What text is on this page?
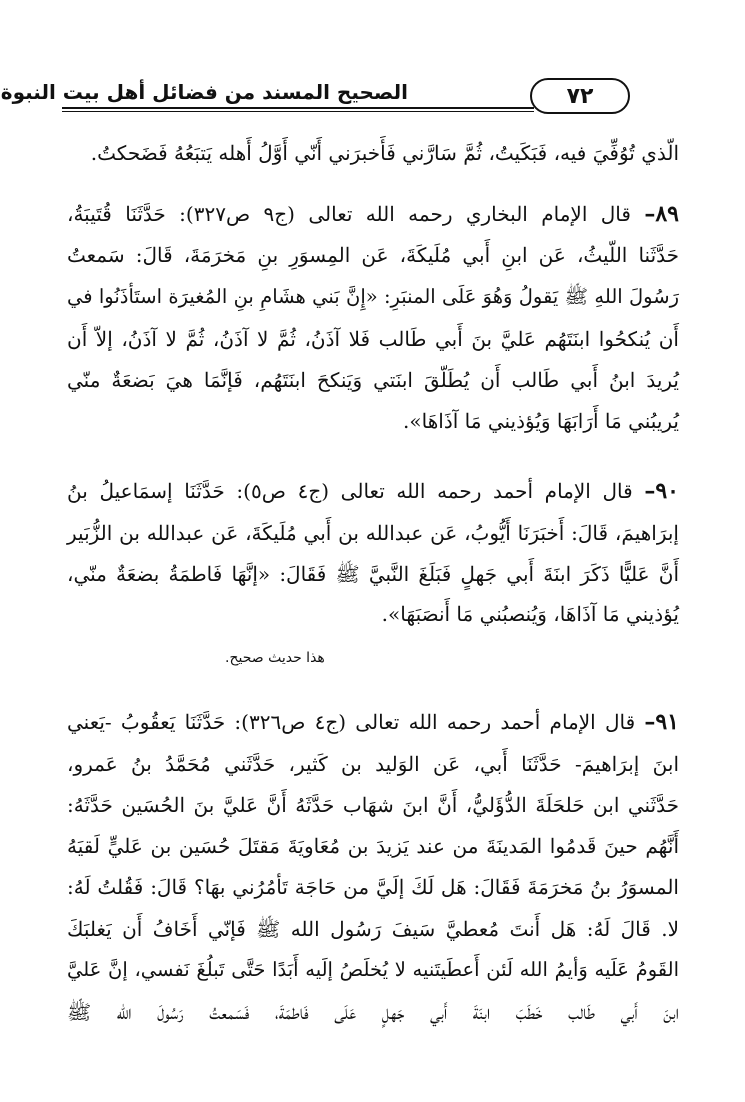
٧٢
الصحيح المسند من فضائل أهل بيت النبوة
الّذي تُوُفِّيَ فيه، فَبَكَيتُ، ثُمَّ سَارَّني فَأَخبرَني أَنّي أَوَّلُ أَهله يَتبَعُهُ فَضَحكتُ.
٨٩– قال الإمام البخاري رحمه الله تعالى (ج٩ ص٣٢٧): حَدَّثَنَا قُتَيبَةُ،
حَدَّثَنا اللّيثُ، عَن ابنِ أَبي مُلَيكَةَ، عَن المِسوَرِ بنِ مَخرَمَةَ، قَالَ: سَمعتُ
رَسُولَ اللهِ ﷺ يَقولُ وَهُوَ عَلَى المنبَرِ: «إِنَّ بَني هشَامِ بنِ المُغيرَة استَأذَنُوا في
أَن يُنكحُوا ابنَتَهُم عَليَّ بنَ أَبي طَالب فَلا آذَنُ، ثُمَّ لا آذَنُ، ثُمَّ لا آذَنُ، إلاّ أَن
يُريدَ ابنُ أَبي طَالب أَن يُطَلّقَ ابنَتي وَيَنكحَ ابنَتَهُم، فَإنَّمَا هيَ بَضعَةٌ منّي
يُريبُني مَا أَرَابَهَا وَيُؤذيني مَا آذَاهَا».
٩٠– قال الإمام أحمد رحمه الله تعالى (ج٤ ص٥): حَدَّثَنَا إسمَاعيلُ بنُ
إبرَاهيمَ، قَالَ: أَخبَرَنَا أَيُّوبُ، عَن عبدالله بن أَبي مُلَيكَةَ، عَن عبدالله بن الزُّبَير
أَنَّ عَليًّا ذَكَرَ ابنَةَ أَبي جَهلٍ فَبَلَغَ النَّبيَّ ﷺ فَقَالَ: «إنَّهَا فَاطمَةُ بضعَةٌ منّي،
يُؤذيني مَا آذَاهَا، وَيُنصبُني مَا أَنصَبَهَا».
هذا حديث صحيح.
٩١– قال الإمام أحمد رحمه الله تعالى (ج٤ ص٣٢٦): حَدَّثَنَا يَعقُوبُ -يَعني
ابنَ إبرَاهيمَ- حَدَّثَنَا أَبي، عَن الوَليد بن كَثير، حَدَّثَني مُحَمَّدُ بنُ عَمرو،
حَدَّثَني ابن حَلحَلَةَ الدُّؤَليُّ، أَنَّ ابنَ شهَاب حَدَّثَهُ أَنَّ عَليَّ بنَ الحُسَين حَدَّثَهُ:
أَنَّهُم حينَ قَدمُوا المَدينَةَ من عند يَزيدَ بن مُعَاويَةَ مَقتَلَ حُسَين بن عَليٍّ لَقيَهُ
المسوَرُ بنُ مَخرَمَةَ فَقَالَ: هَل لَكَ إلَيَّ من حَاجَة تَأمُرُني بهَا؟ قَالَ: فَقُلتُ لَهُ:
لا. قَالَ لَهُ: هَل أَنتَ مُعطيَّ سَيفَ رَسُول الله ﷺ فَإنّي أَخَافُ أَن يَغلبَكَ
القَومُ عَلَيه وَأيمُ الله لَئن أَعطَيتَنيه لا يُخلَصُ إلَيه أَبَدًا حَتَّى تَبلُغَ نَفسي، إنَّ عَليَّ
ابنَ أَبي طَالب خَطَبَ ابنَةَ أَبي جَهلٍ عَلَى فَاطمَةَ، فَسَمعتُ رَسُولَ الله ﷺ
